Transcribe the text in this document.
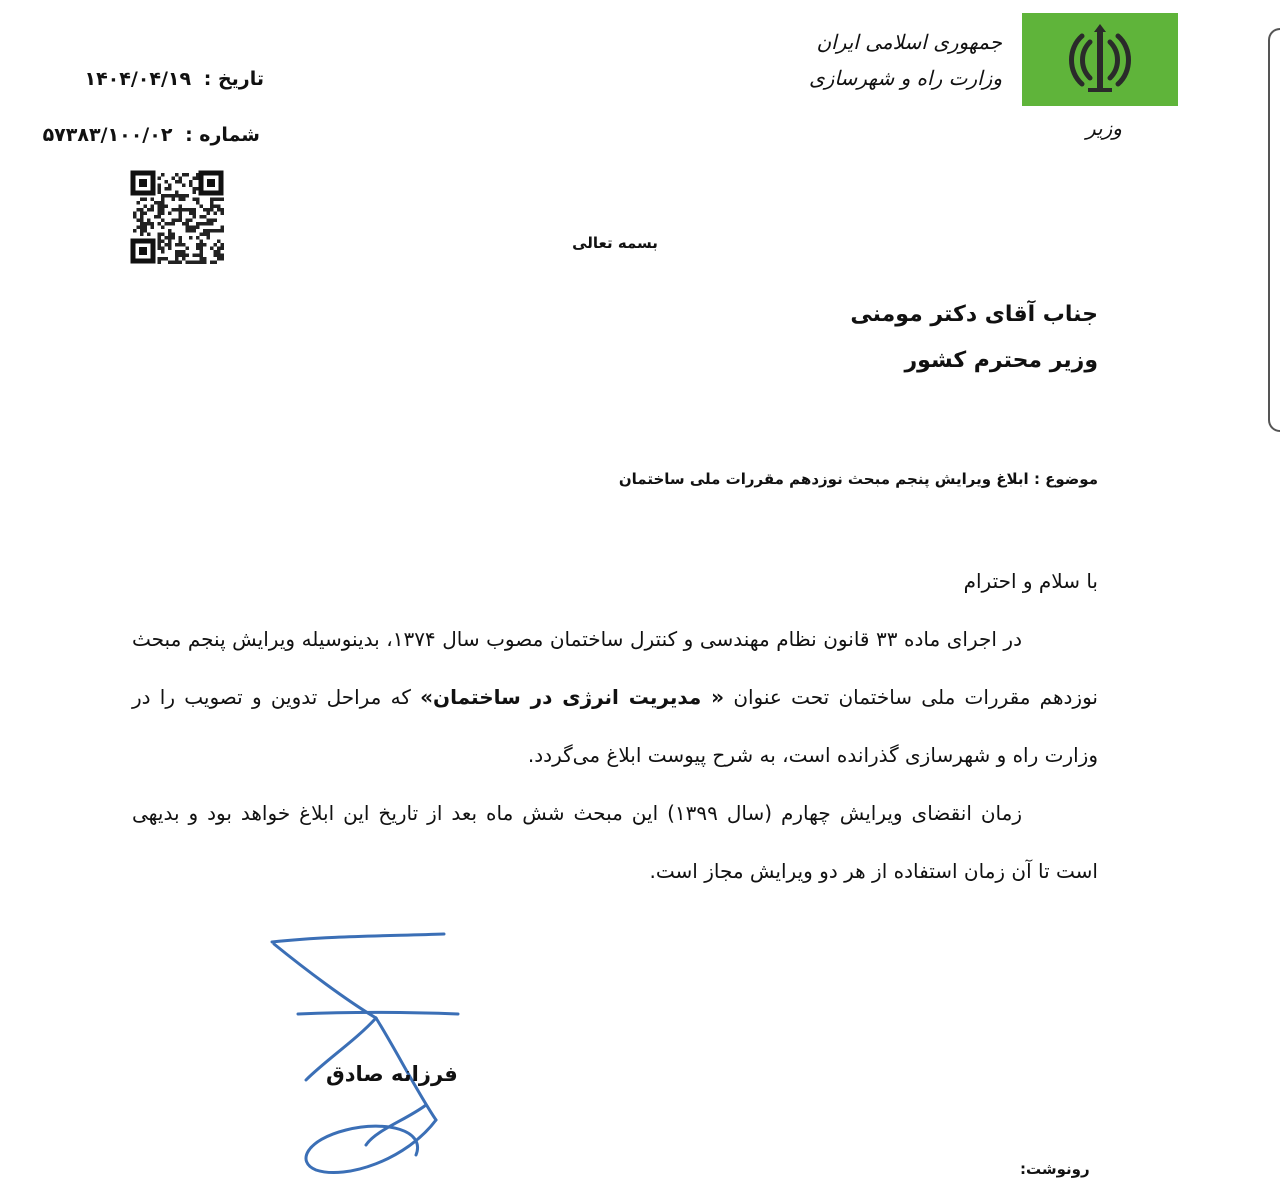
جمهوری اسلامی ایران
وزارت راه و شهرسازی
وزیر
تاریخ : ۱۴۰۴/۰۴/۱۹
شماره : ۵۷۳۸۳/۱۰۰/۰۲
بسمه تعالی
جناب آقای دکتر مومنی
وزیر محترم کشور
موضوع : ابلاغ ویرایش پنجم مبحث نوزدهم مقررات ملی ساختمان

با سلام و احترام

در اجرای ماده ۳۳ قانون نظام مهندسی و کنترل ساختمان مصوب سال ۱۳۷۴، بدینوسیله ویرایش پنجم مبحث نوزدهم مقررات ملی ساختمان تحت عنوان « مدیریت انرژی در ساختمان» که مراحل تدوین و تصویب را در وزارت راه و شهرسازی گذرانده است، به شرح پیوست ابلاغ می‌گردد.

زمان انقضای ویرایش چهارم (سال ۱۳۹۹) این مبحث شش ماه بعد از تاریخ این ابلاغ خواهد بود و بدیهی است تا آن زمان استفاده از هر دو ویرایش مجاز است.

فرزانه صادق
رونوشت:
